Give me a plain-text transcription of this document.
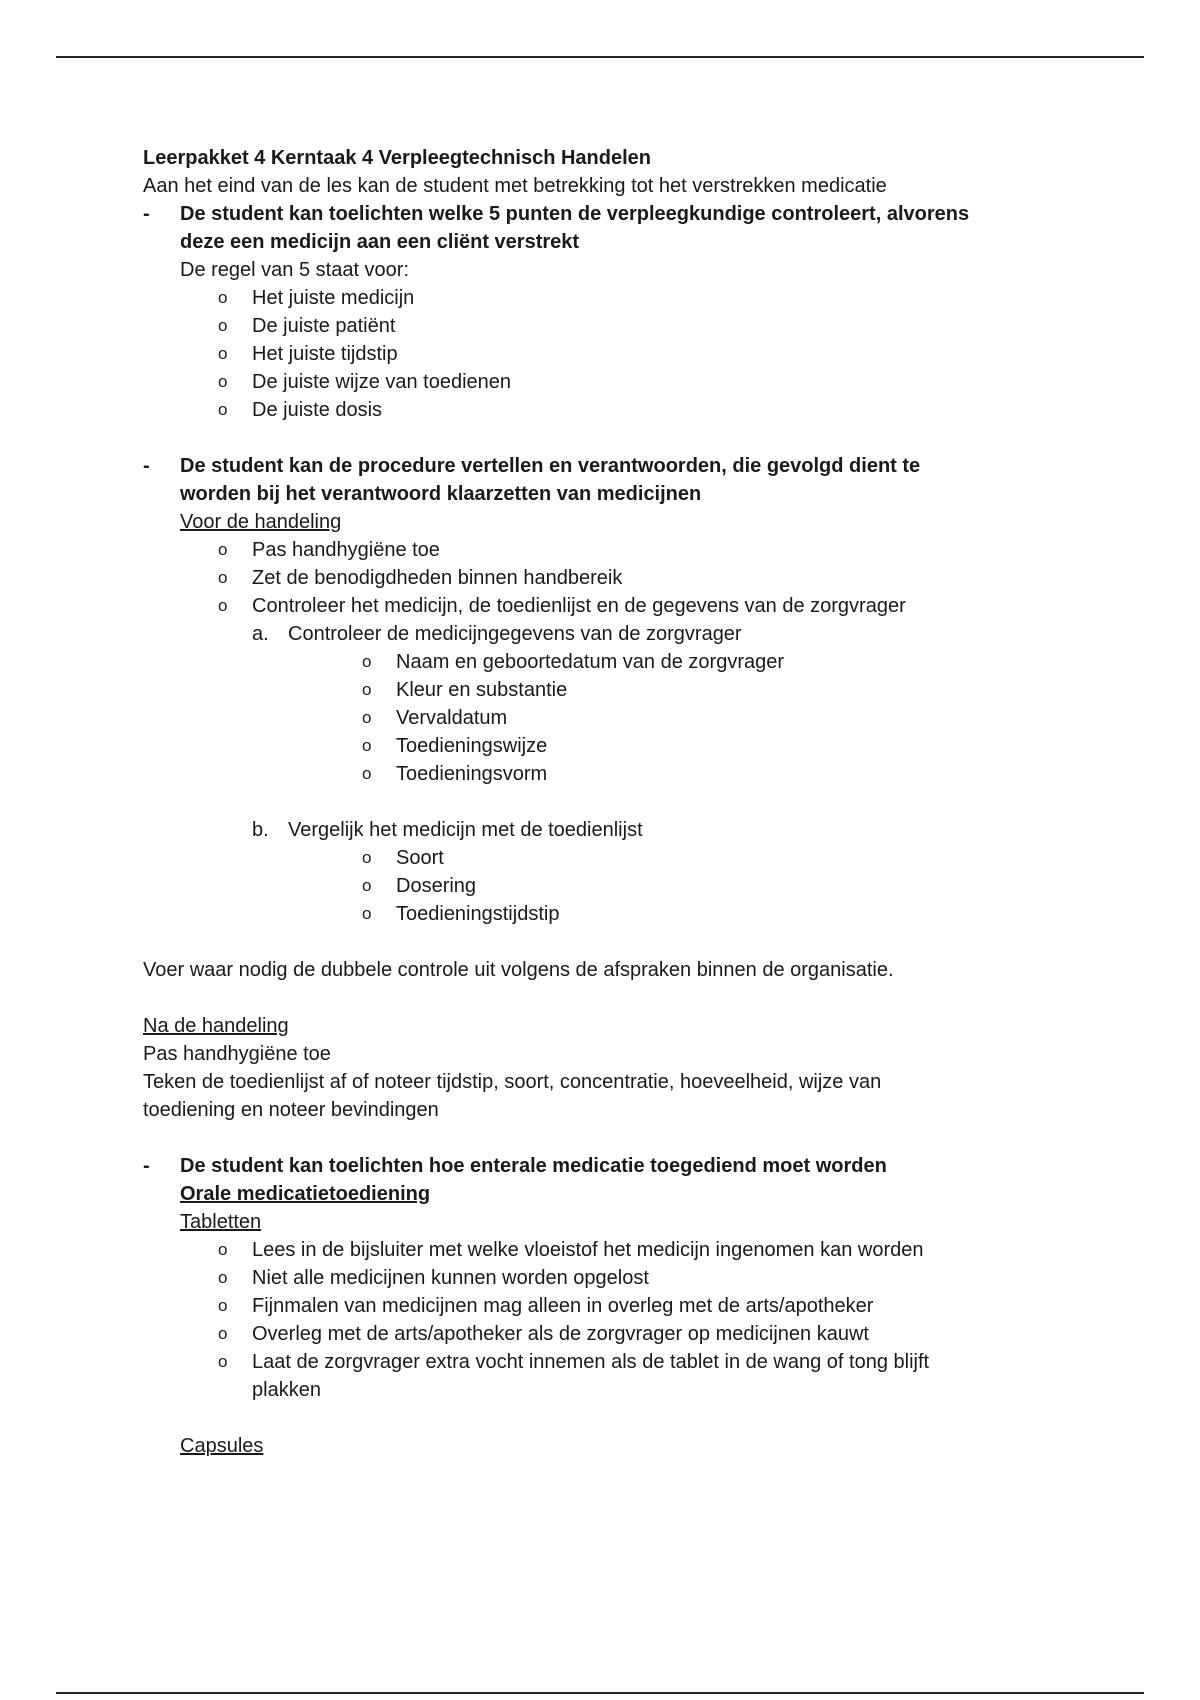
Leerpakket 4 Kerntaak 4 Verpleegtechnisch Handelen

Aan het eind van de les kan de student met betrekking tot het verstrekken medicatie

- De student kan toelichten welke 5 punten de verpleegkundige controleert, alvorens
deze een medicijn aan een cliënt verstrekt

De regel van 5 staat voor:

o Het juiste medicijn
o De juiste patiënt
o Het juiste tijdstip
o De juiste wijze van toedienen
o De juiste dosis
- De student kan de procedure vertellen en verantwoorden, die gevolgd dient te
worden bij het verantwoord klaarzetten van medicijnen

Voor de handeling

o Pas handhygiëne toe
o Zet de benodigdheden binnen handbereik
o Controleer het medicijn, de toedienlijst en de gegevens van de zorgvrager
a. Controleer de medicijngegevens van de zorgvrager
o Naam en geboortedatum van de zorgvrager
o Kleur en substantie
o Vervaldatum
o Toedieningswijze
o Toedieningsvorm
b. Vergelijk het medicijn met de toedienlijst
o Soort
o Dosering
o Toedieningstijdstip

Voer waar nodig de dubbele controle uit volgens de afspraken binnen de organisatie.

Na de handeling

Pas handhygiëne toe

Teken de toedienlijst af of noteer tijdstip, soort, concentratie, hoeveelheid, wijze van

toediening en noteer bevindingen

- De student kan toelichten hoe enterale medicatie toegediend moet worden
Orale medicatietoediening

Tabletten

o Lees in de bijsluiter met welke vloeistof het medicijn ingenomen kan worden
o Niet alle medicijnen kunnen worden opgelost
o Fijnmalen van medicijnen mag alleen in overleg met de arts/apotheker
o Overleg met de arts/apotheker als de zorgvrager op medicijnen kauwt
o Laat de zorgvrager extra vocht innemen als de tablet in de wang of tong blijft plakken

Capsules
